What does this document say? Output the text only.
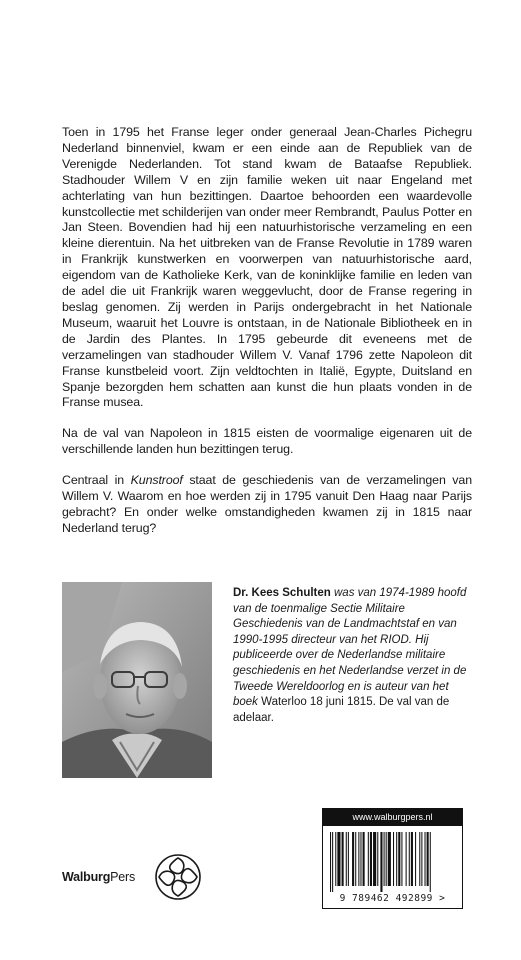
Toen in 1795 het Franse leger onder generaal Jean-Charles Pichegru Nederland binnenviel, kwam er een einde aan de Republiek van de Verenigde Nederlanden. Tot stand kwam de Bataafse Republiek. Stadhouder Willem V en zijn familie weken uit naar Engeland met achterlating van hun bezittingen. Daartoe behoorden een waardevolle kunstcollectie met schilderijen van onder meer Rembrandt, Paulus Potter en Jan Steen. Bovendien had hij een natuurhistorische verzameling en een kleine dierentuin. Na het uitbreken van de Franse Revolutie in 1789 waren in Frankrijk kunstwerken en voorwerpen van natuurhistorische aard, eigendom van de Katholieke Kerk, van de koninklijke familie en leden van de adel die uit Frankrijk waren weggevlucht, door de Franse regering in beslag genomen. Zij werden in Parijs ondergebracht in het Nationale Museum, waaruit het Louvre is ontstaan, in de Nationale Bibliotheek en in de Jardin des Plantes. In 1795 gebeurde dit eveneens met de verzamelingen van stadhouder Willem V. Vanaf 1796 zette Napoleon dit Franse kunstbeleid voort. Zijn veldtochten in Italië, Egypte, Duitsland en Spanje bezorgden hem schatten aan kunst die hun plaats vonden in de Franse musea.

Na de val van Napoleon in 1815 eisten de voormalige eigenaren uit de verschillende landen hun bezittingen terug.

Centraal in Kunstroof staat de geschiedenis van de verzamelingen van Willem V. Waarom en hoe werden zij in 1795 vanuit Den Haag naar Parijs gebracht? En onder welke omstandigheden kwamen zij in 1815 naar Nederland terug?

Dr. Kees Schulten was van 1974-1989 hoofd van de toenmalige Sectie Militaire Geschiedenis van de Landmachtstaf en van 1990-1995 directeur van het RIOD. Hij publiceerde over de Nederlandse militaire geschiedenis en het Nederlandse verzet in de Tweede Wereldoorlog en is auteur van het boek Waterloo 18 juni 1815. De val van de adelaar.
www.walburgpers.nl
9 789462 492899 >
WalburgPers
